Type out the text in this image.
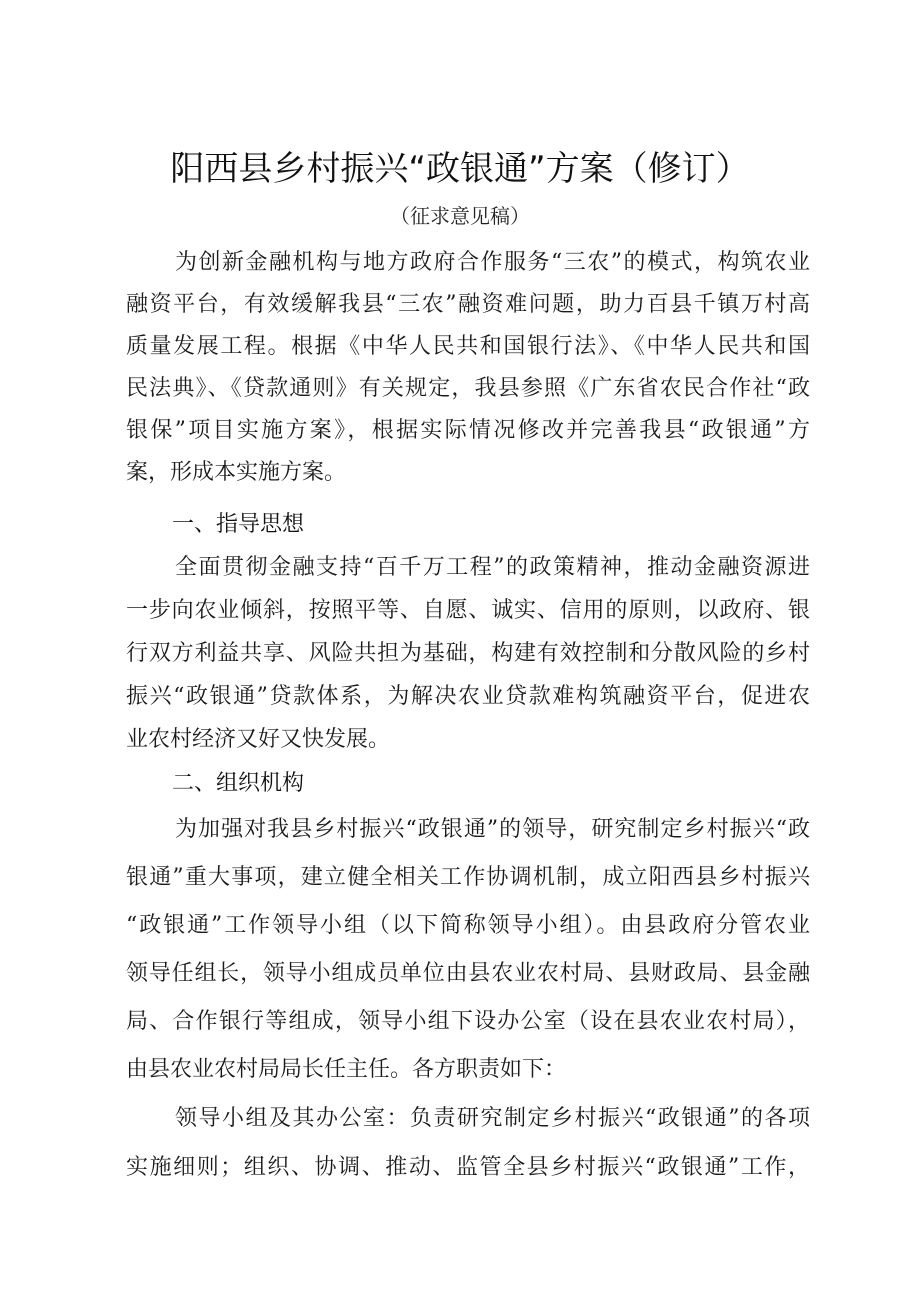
阳西县乡村振兴“政银通”方案（修订）
（征求意见稿）
为创新金融机构与地方政府合作服务“三农”的模式，构筑农业
融资平台，有效缓解我县“三农”融资难问题，助力百县千镇万村高
质量发展工程。根据《中华人民共和国银行法》、《中华人民共和国
民法典》、《贷款通则》有关规定，我县参照《广东省农民合作社“政
银保”项目实施方案》，根据实际情况修改并完善我县“政银通”方
案，形成本实施方案。
一、指导思想
全面贯彻金融支持“百千万工程”的政策精神，推动金融资源进
一步向农业倾斜，按照平等、自愿、诚实、信用的原则，以政府、银
行双方利益共享、风险共担为基础，构建有效控制和分散风险的乡村
振兴“政银通”贷款体系，为解决农业贷款难构筑融资平台，促进农
业农村经济又好又快发展。
二、组织机构
为加强对我县乡村振兴“政银通”的领导，研究制定乡村振兴“政
银通”重大事项，建立健全相关工作协调机制，成立阳西县乡村振兴
“政银通”工作领导小组（以下简称领导小组）。由县政府分管农业
领导任组长，领导小组成员单位由县农业农村局、县财政局、县金融
局、合作银行等组成，领导小组下设办公室（设在县农业农村局），
由县农业农村局局长任主任。各方职责如下：
领导小组及其办公室：负责研究制定乡村振兴“政银通”的各项
实施细则；组织、协调、推动、监管全县乡村振兴“政银通”工作，
